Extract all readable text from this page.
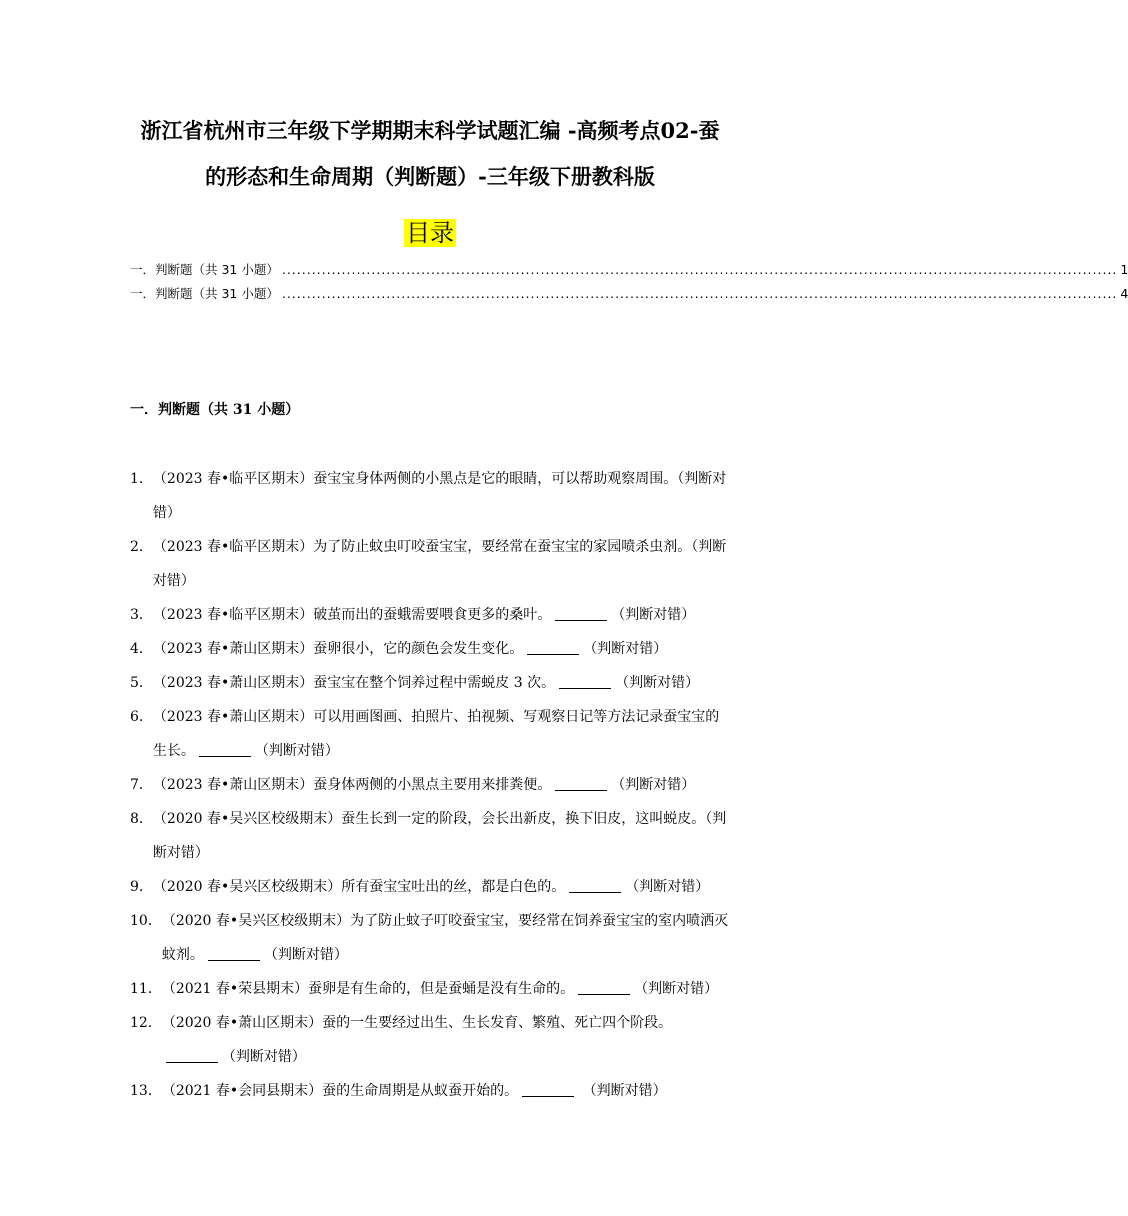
浙江省杭州市三年级下学期期末科学试题汇编 -高频考点02-蚕
的形态和生命周期（判断题）-三年级下册教科版
目录
一．判断题（共 31 小题） ........................................................................................................................................................................ 1
一．判断题（共 31 小题） ........................................................................................................................................................................ 4
一．判断题（共 31 小题）
1． （2023 春•临平区期末）蚕宝宝身体两侧的小黑点是它的眼睛，可以帮助观察周围。（判断对错）
2． （2023 春•临平区期末）为了防止蚊虫叮咬蚕宝宝，要经常在蚕宝宝的家园喷杀虫剂。（判断对错）
3． （2023 春•临平区期末）破茧而出的蚕蛾需要喂食更多的桑叶。	（判断对错）
4． （2023 春•萧山区期末）蚕卵很小，它的颜色会发生变化。	（判断对错）
5． （2023 春•萧山区期末）蚕宝宝在整个饲养过程中需蜕皮 3 次。	（判断对错）
6． （2023 春•萧山区期末）可以用画图画、拍照片、拍视频、写观察日记等方法记录蚕宝宝的生长。	（判断对错）
7． （2023 春•萧山区期末）蚕身体两侧的小黑点主要用来排粪便。	（判断对错）
8． （2020 春•吴兴区校级期末）蚕生长到一定的阶段，会长出新皮，换下旧皮，这叫蜕皮。（判断对错）
9． （2020 春•吴兴区校级期末）所有蚕宝宝吐出的丝，都是白色的。	（判断对错）
10． （2020 春•吴兴区校级期末）为了防止蚊子叮咬蚕宝宝，要经常在饲养蚕宝宝的室内喷洒灭蚊剂。	（判断对错）
11． （2021 春•荣县期末）蚕卵是有生命的，但是蚕蛹是没有生命的。	（判断对错）
12． （2020 春•萧山区期末）蚕的一生要经过出生、生长发育、繁殖、死亡四个阶段。（判断对错）
13． （2021 春•会同县期末）蚕的生命周期是从蚁蚕开始的。	（判断对错）
